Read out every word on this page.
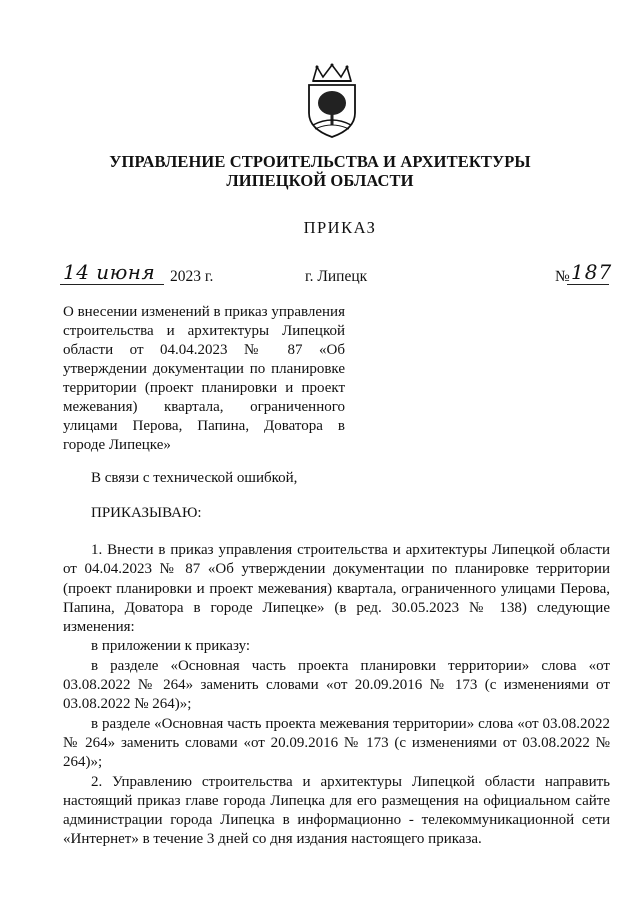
УПРАВЛЕНИЕ СТРОИТЕЛЬСТВА И АРХИТЕКТУРЫ
ЛИПЕЦКОЙ ОБЛАСТИ
ПРИКАЗ
14 июня 2023 г.	г. Липецк	№ 187
О внесении изменений в приказ управления строительства и архитектуры Липецкой области от 04.04.2023 № 87 «Об утверждении документации по планировке территории (проект планировки и проект межевания) квартала, ограниченного улицами Перова, Папина, Доватора в городе Липецке»
В связи с технической ошибкой,
ПРИКАЗЫВАЮ:

1. Внести в приказ управления строительства и архитектуры Липецкой области от 04.04.2023 № 87 «Об утверждении документации по планировке территории (проект планировки и проект межевания) квартала, ограниченного улицами Перова, Папина, Доватора в городе Липецке» (в ред. 30.05.2023 № 138) следующие изменения:

в приложении к приказу:

в разделе «Основная часть проекта планировки территории» слова «от 03.08.2022 № 264» заменить словами «от 20.09.2016 № 173 (с изменениями от 03.08.2022 № 264)»;

в разделе «Основная часть проекта межевания территории» слова «от 03.08.2022 № 264» заменить словами «от 20.09.2016 № 173 (с изменениями от 03.08.2022 № 264)»;

2. Управлению строительства и архитектуры Липецкой области направить настоящий приказ главе города Липецка для его размещения на официальном сайте администрации города Липецка в информационно - телекоммуникационной сети «Интернет» в течение 3 дней со дня издания настоящего приказа.
